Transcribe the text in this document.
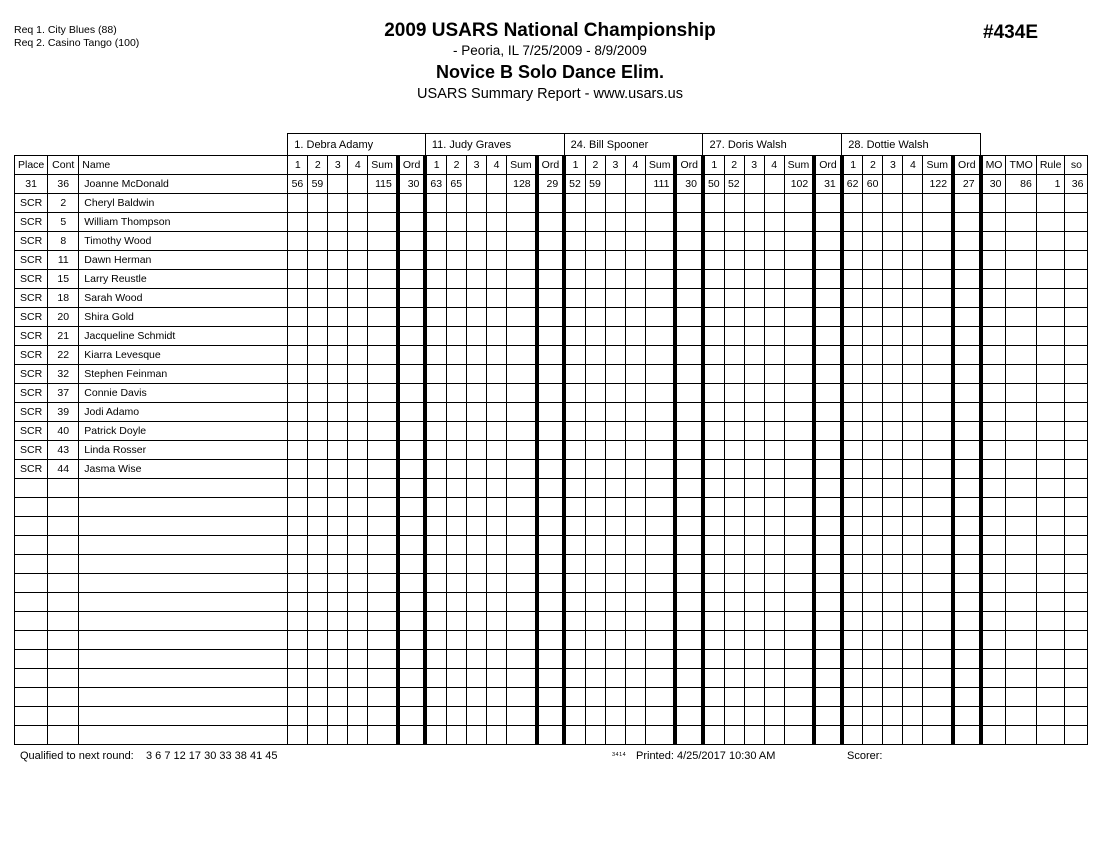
Req 1. City Blues (88)
Req 2. Casino Tango (100)
2009 USARS National Championship
- Peoria, IL 7/25/2009 - 8/9/2009
Novice B Solo Dance Elim.
USARS Summary Report - www.usars.us
#434E
			1. Debra Adamy						11. Judy Graves						24. Bill Spooner						27. Doris Walsh						28. Dottie Walsh									
Place	Cont	Name	1	2	3	4	Sum	Ord	1	2	3	4	Sum	Ord	1	2	3	4	Sum	Ord	1	2	3	4	Sum	Ord	1	2	3	4	Sum	Ord	MO	TMO	Rule	so
31	36	Joanne McDonald	56	59			115	30	63	65			128	29	52	59			111	30	50	52			102	31	62	60			122	27	30	86	1	36
SCR	2	Cheryl Baldwin																																		
SCR	5	William Thompson																																		
SCR	8	Timothy Wood																																		
SCR	11	Dawn Herman																																		
SCR	15	Larry Reustle																																		
SCR	18	Sarah Wood																																		
SCR	20	Shira Gold																																		
SCR	21	Jacqueline Schmidt																																		
SCR	22	Kiarra Levesque																																		
SCR	32	Stephen Feinman																																		
SCR	37	Connie Davis																																		
SCR	39	Jodi Adamo																																		
SCR	40	Patrick Doyle																																		
SCR	43	Linda Rosser																																		
SCR	44	Jasma Wise																																		

Qualified to next round: 3 6 7 12 17 30 33 38 41 45	3414 Printed: 4/25/2017 10:30 AM	Scorer:
